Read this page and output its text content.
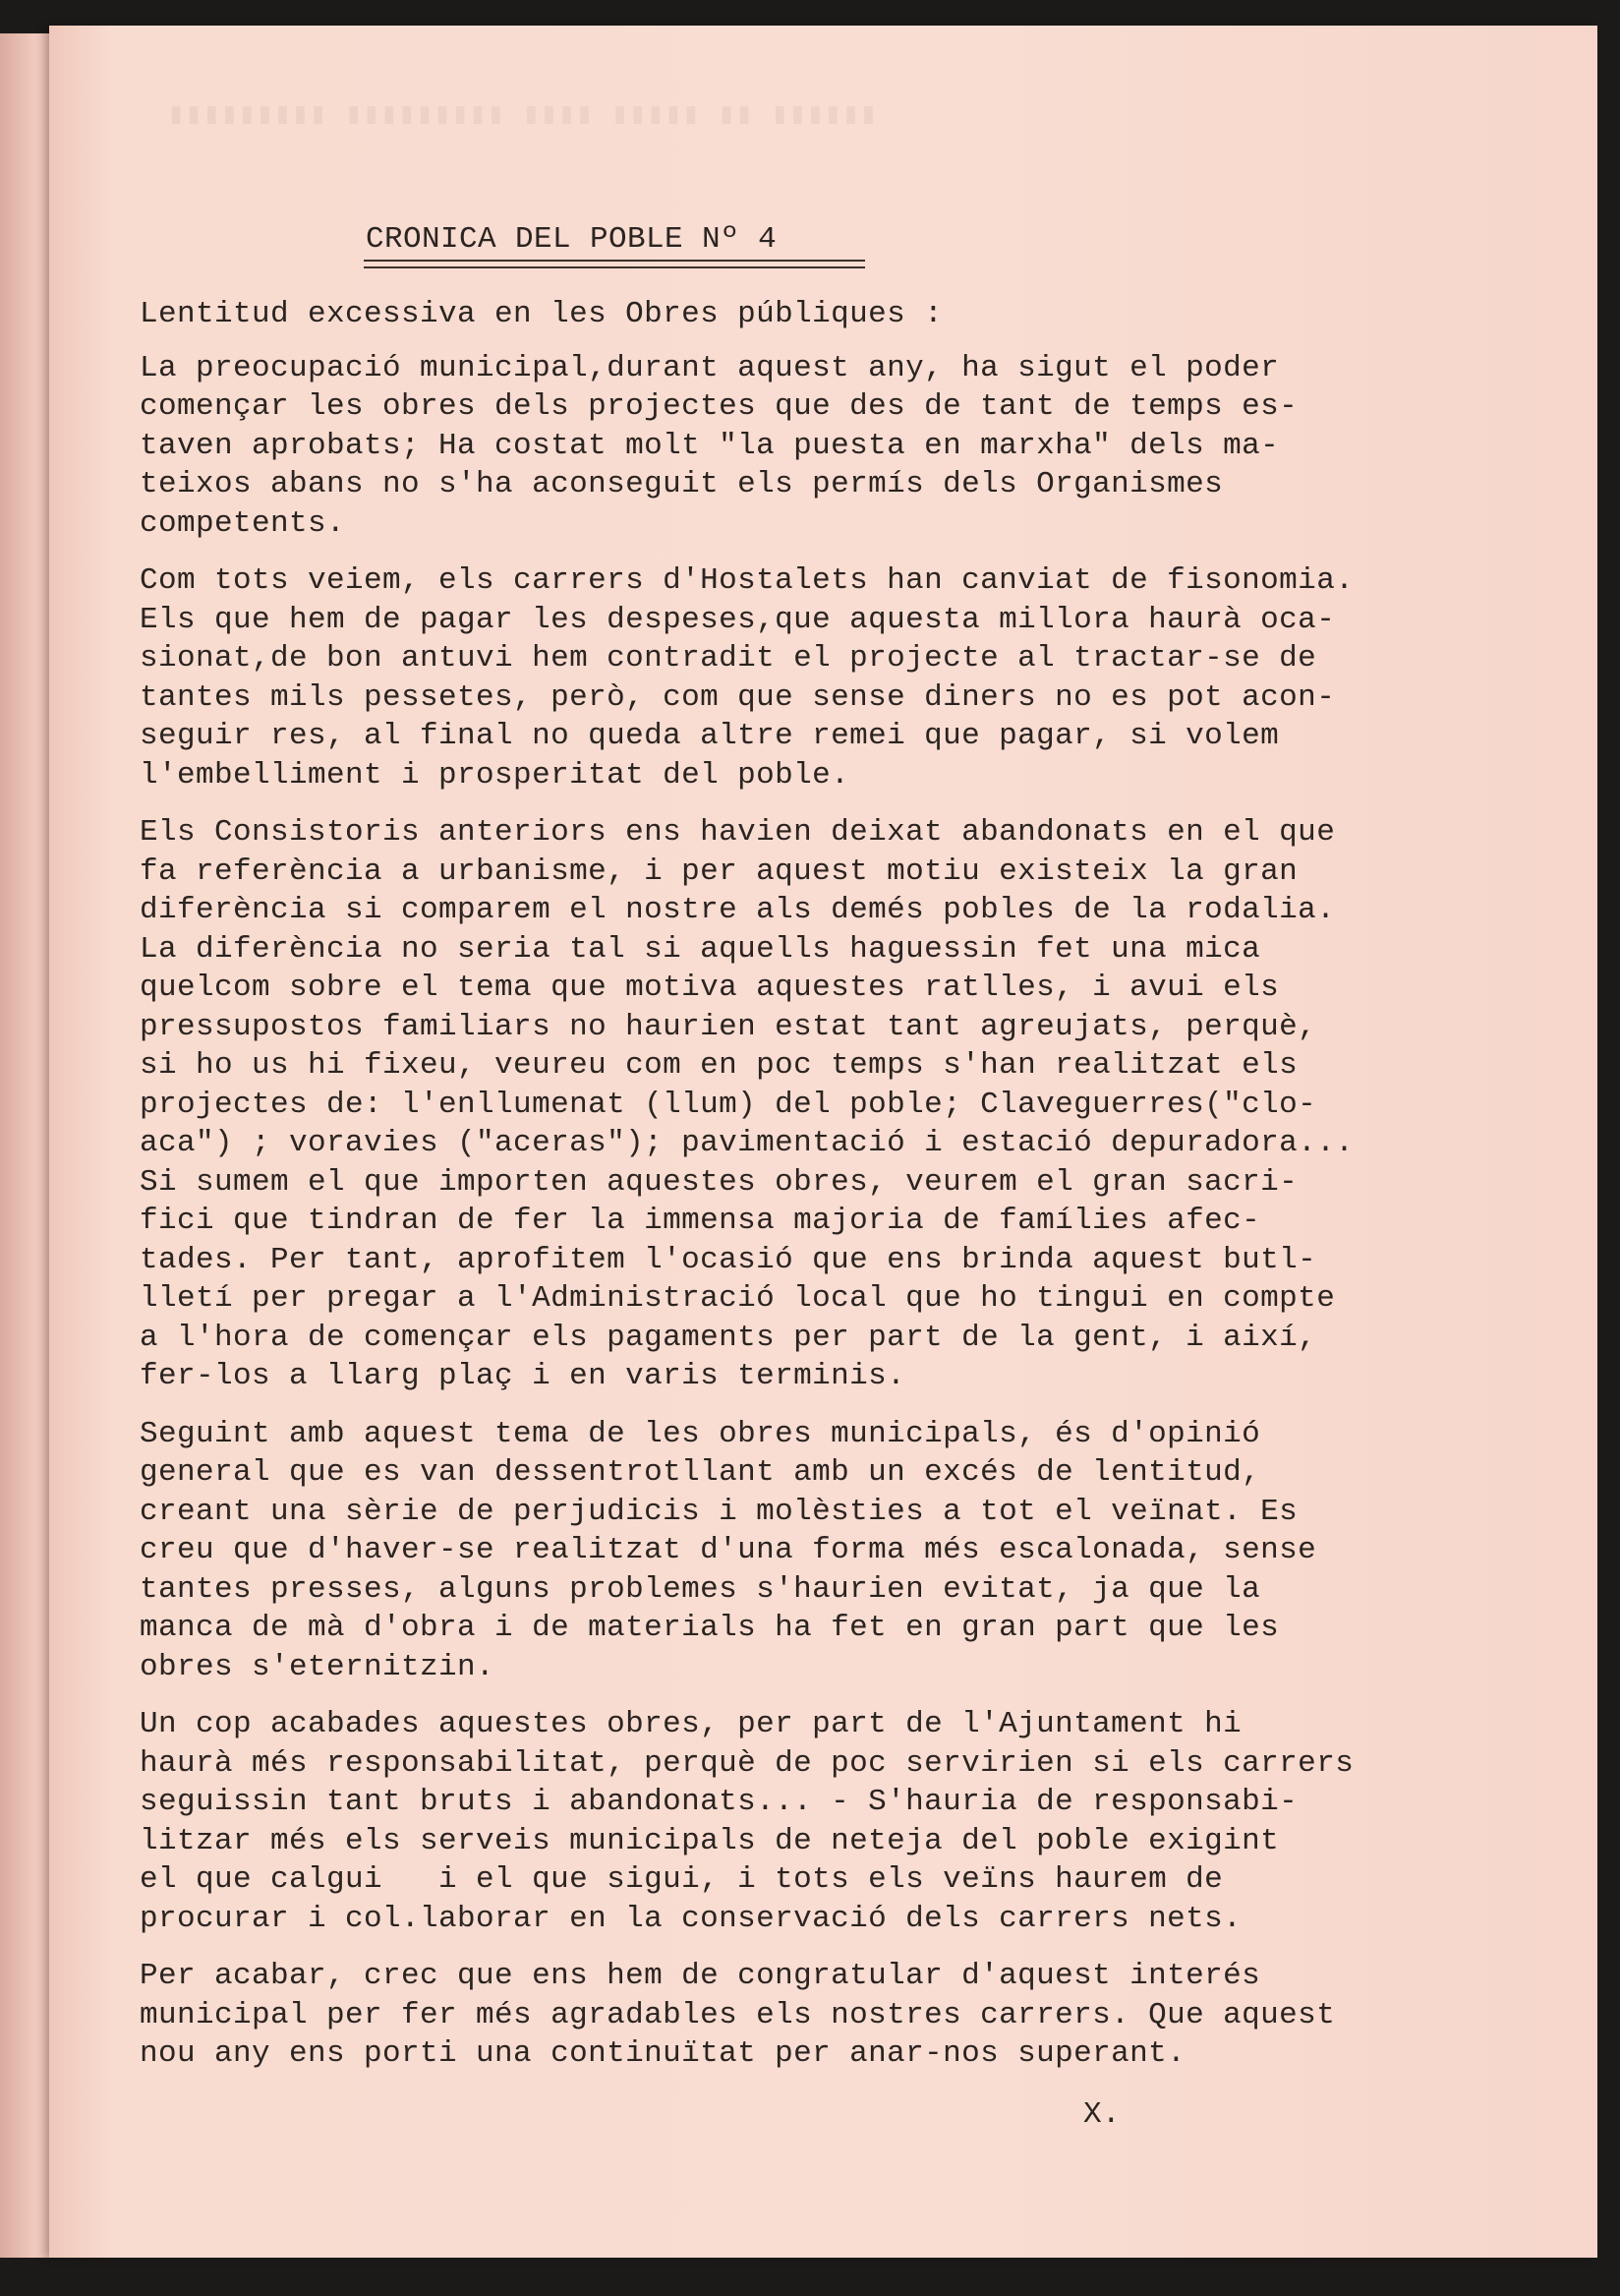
▮▮▮▮▮▮▮▮▮ ▮▮▮▮▮▮▮▮▮ ▮▮▮▮ ▮▮▮▮▮ ▮▮ ▮▮▮▮▮▮
CRONICA DEL POBLE Nº 4
Lentitud excessiva en les Obres públiques :
La preocupació municipal,durant aquest any, ha sigut el poder
començar les obres dels projectes que des de tant de temps es-
taven aprobats; Ha costat molt "la puesta en marxha" dels ma-
teixos abans no s'ha aconseguit els permís dels Organismes
competents.
Com tots veiem, els carrers d'Hostalets han canviat de fisonomia.
Els que hem de pagar les despeses,que aquesta millora haurà oca-
sionat,de bon antuvi hem contradit el projecte al tractar-se de
tantes mils pessetes, però, com que sense diners no es pot acon-
seguir res, al final no queda altre remei que pagar, si volem
l'embelliment i prosperitat del poble.
Els Consistoris anteriors ens havien deixat abandonats en el que
fa referència a urbanisme, i per aquest motiu existeix la gran
diferència si comparem el nostre als demés pobles de la rodalia.
La diferència no seria tal si aquells haguessin fet una mica
quelcom sobre el tema que motiva aquestes ratlles, i avui els
pressupostos familiars no haurien estat tant agreujats, perquè,
si ho us hi fixeu, veureu com en poc temps s'han realitzat els
projectes de: l'enllumenat (llum) del poble; Claveguerres("clo-
aca") ; voravies ("aceras"); pavimentació i estació depuradora...
Si sumem el que importen aquestes obres, veurem el gran sacri-
fici que tindran de fer la immensa majoria de famílies afec-
tades. Per tant, aprofitem l'ocasió que ens brinda aquest butl-
lletí per pregar a l'Administració local que ho tingui en compte
a l'hora de començar els pagaments per part de la gent, i així,
fer-los a llarg plaç i en varis terminis.
Seguint amb aquest tema de les obres municipals, és d'opinió
general que es van dessentrotllant amb un excés de lentitud,
creant una sèrie de perjudicis i molèsties a tot el veïnat. Es
creu que d'haver-se realitzat d'una forma més escalonada, sense
tantes presses, alguns problemes s'haurien evitat, ja que la
manca de mà d'obra i de materials ha fet en gran part que les
obres s'eternitzin.
Un cop acabades aquestes obres, per part de l'Ajuntament hi
haurà més responsabilitat, perquè de poc servirien si els carrers
seguissin tant bruts i abandonats... - S'hauria de responsabi-
litzar més els serveis municipals de neteja del poble exigint
el que calgui   i el que sigui, i tots els veïns haurem de
procurar i col.laborar en la conservació dels carrers nets.
Per acabar, crec que ens hem de congratular d'aquest interés
municipal per fer més agradables els nostres carrers. Que aquest
nou any ens porti una continuïtat per anar-nos superant.
X.
